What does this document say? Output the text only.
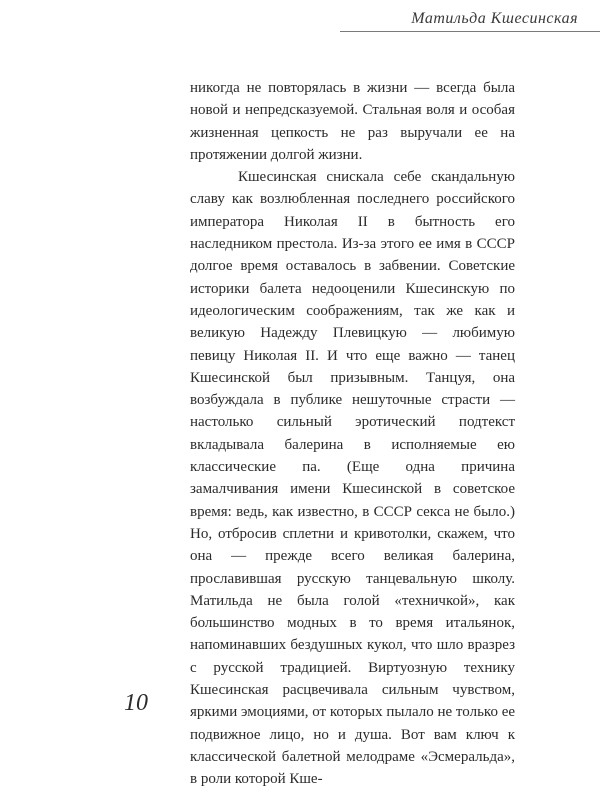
Матильда Кшесинская

никогда не повторялась в жизни — всегда была новой и непредсказуемой. Стальная воля и особая жизненная цепкость не раз выручали ее на протяжении долгой жизни.

Кшесинская снискала себе скандальную славу как возлюбленная последнего российского императора Николая II в бытность его наследником престола. Из-за этого ее имя в СССР долгое время оставалось в забвении. Советские историки балета недооценили Кшесинскую по идеологическим соображениям, так же как и великую Надежду Плевицкую — любимую певицу Николая II. И что еще важно — танец Кшесинской был призывным. Танцуя, она возбуждала в публике нешуточные страсти — настолько сильный эротический подтекст вкладывала балерина в исполняемые ею классические па. (Еще одна причина замалчивания имени Кшесинской в советское время: ведь, как известно, в СССР секса не было.) Но, отбросив сплетни и кривотолки, скажем, что она — прежде всего великая балерина, прославившая русскую танцевальную школу. Матильда не была голой «техничкой», как большинство модных в то время итальянок, напоминавших бездушных кукол, что шло вразрез с русской традицией. Виртуозную технику Кшесинская расцвечивала сильным чувством, яркими эмоциями, от которых пылало не только ее подвижное лицо, но и душа. Вот вам ключ к классической балетной мелодраме «Эсмеральда», в роли которой Кше-

10
